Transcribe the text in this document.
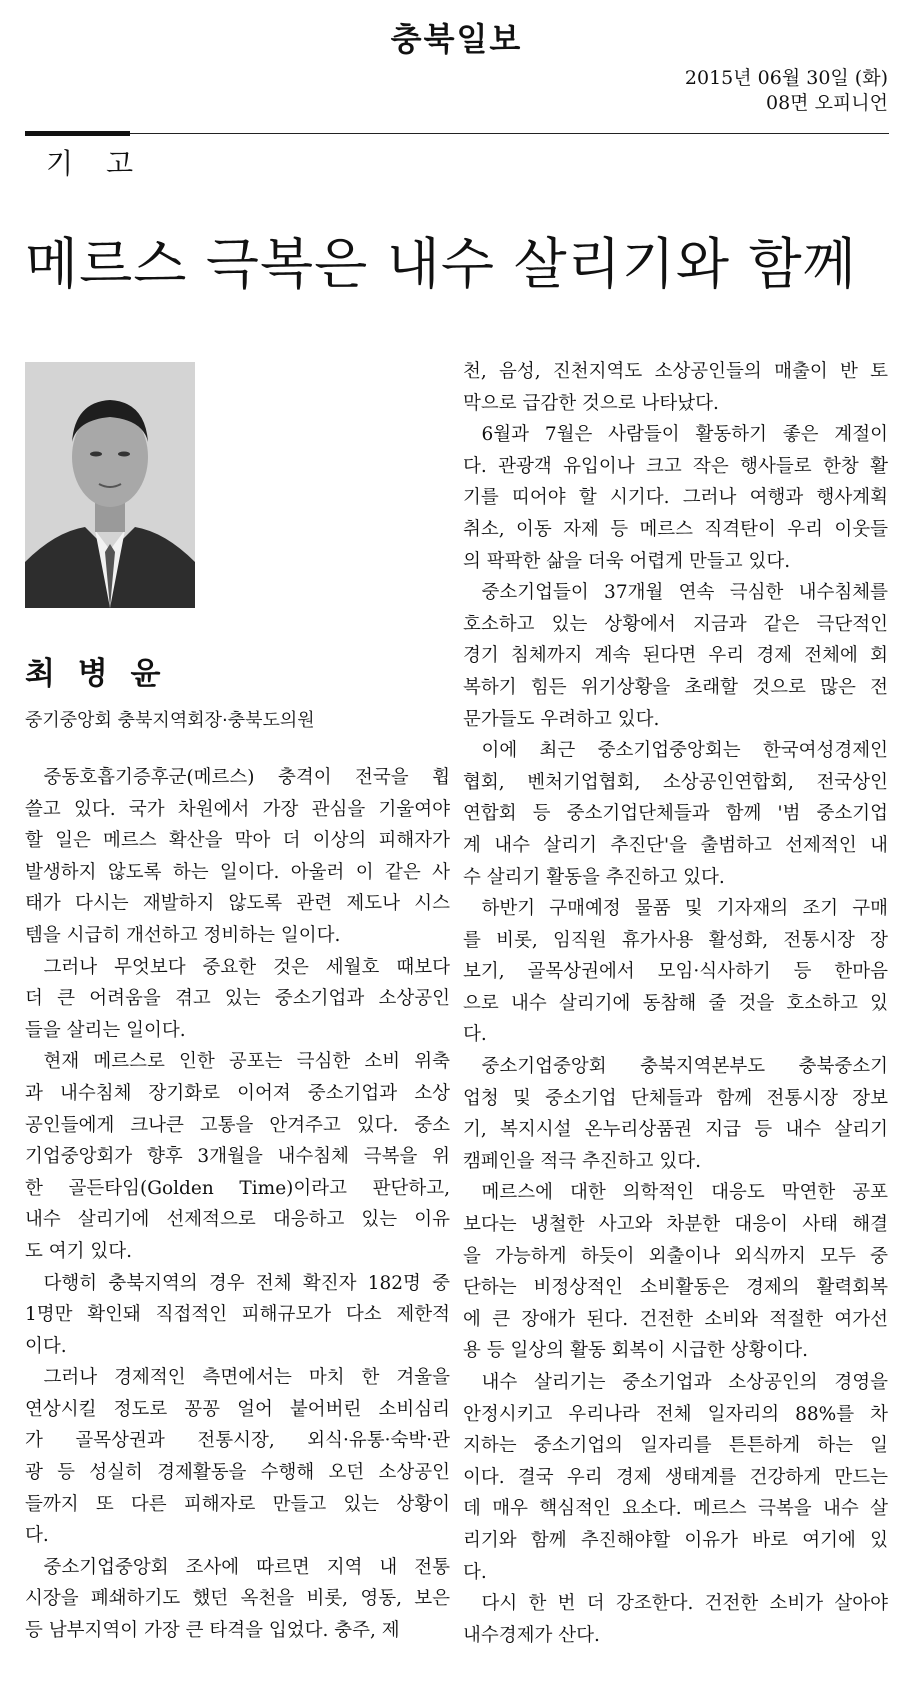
충북일보
2015년 06월 30일 (화)
08면 오피니언
기 고
메르스 극복은 내수 살리기와 함께
최 병 윤
중기중앙회 충북지역회장·충북도의원
중동호흡기증후군(메르스) 충격이 전국을 휩
쓸고 있다. 국가 차원에서 가장 관심을 기울여야
할 일은 메르스 확산을 막아 더 이상의 피해자가
발생하지 않도록 하는 일이다. 아울러 이 같은 사
태가 다시는 재발하지 않도록 관련 제도나 시스
템을 시급히 개선하고 정비하는 일이다.
그러나 무엇보다 중요한 것은 세월호 때보다
더 큰 어려움을 겪고 있는 중소기업과 소상공인
들을 살리는 일이다.
현재 메르스로 인한 공포는 극심한 소비 위축
과 내수침체 장기화로 이어져 중소기업과 소상
공인들에게 크나큰 고통을 안겨주고 있다. 중소
기업중앙회가 향후 3개월을 내수침체 극복을 위
한 골든타임(Golden Time)이라고 판단하고,
내수 살리기에 선제적으로 대응하고 있는 이유
도 여기 있다.
다행히 충북지역의 경우 전체 확진자 182명 중
1명만 확인돼 직접적인 피해규모가 다소 제한적
이다.
그러나 경제적인 측면에서는 마치 한 겨울을
연상시킬 정도로 꽁꽁 얼어 붙어버린 소비심리
가 골목상권과 전통시장, 외식·유통·숙박·관
광 등 성실히 경제활동을 수행해 오던 소상공인
들까지 또 다른 피해자로 만들고 있는 상황이
다.
중소기업중앙회 조사에 따르면 지역 내 전통
시장을 폐쇄하기도 했던 옥천을 비롯, 영동, 보은
등 남부지역이 가장 큰 타격을 입었다. 충주, 제
천, 음성, 진천지역도 소상공인들의 매출이 반 토
막으로 급감한 것으로 나타났다.
6월과 7월은 사람들이 활동하기 좋은 계절이
다. 관광객 유입이나 크고 작은 행사들로 한창 활
기를 띠어야 할 시기다. 그러나 여행과 행사계획
취소, 이동 자제 등 메르스 직격탄이 우리 이웃들
의 팍팍한 삶을 더욱 어렵게 만들고 있다.
중소기업들이 37개월 연속 극심한 내수침체를
호소하고 있는 상황에서 지금과 같은 극단적인
경기 침체까지 계속 된다면 우리 경제 전체에 회
복하기 힘든 위기상황을 초래할 것으로 많은 전
문가들도 우려하고 있다.
이에 최근 중소기업중앙회는 한국여성경제인
협회, 벤처기업협회, 소상공인연합회, 전국상인
연합회 등 중소기업단체들과 함께 '범 중소기업
계 내수 살리기 추진단'을 출범하고 선제적인 내
수 살리기 활동을 추진하고 있다.
하반기 구매예정 물품 및 기자재의 조기 구매
를 비롯, 임직원 휴가사용 활성화, 전통시장 장
보기, 골목상권에서 모임·식사하기 등 한마음
으로 내수 살리기에 동참해 줄 것을 호소하고 있
다.
중소기업중앙회 충북지역본부도 충북중소기
업청 및 중소기업 단체들과 함께 전통시장 장보
기, 복지시설 온누리상품권 지급 등 내수 살리기
캠페인을 적극 추진하고 있다.
메르스에 대한 의학적인 대응도 막연한 공포
보다는 냉철한 사고와 차분한 대응이 사태 해결
을 가능하게 하듯이 외출이나 외식까지 모두 중
단하는 비정상적인 소비활동은 경제의 활력회복
에 큰 장애가 된다. 건전한 소비와 적절한 여가선
용 등 일상의 활동 회복이 시급한 상황이다.
내수 살리기는 중소기업과 소상공인의 경영을
안정시키고 우리나라 전체 일자리의 88%를 차
지하는 중소기업의 일자리를 튼튼하게 하는 일
이다. 결국 우리 경제 생태계를 건강하게 만드는
데 매우 핵심적인 요소다. 메르스 극복을 내수 살
리기와 함께 추진해야할 이유가 바로 여기에 있
다.
다시 한 번 더 강조한다. 건전한 소비가 살아야
내수경제가 산다.
